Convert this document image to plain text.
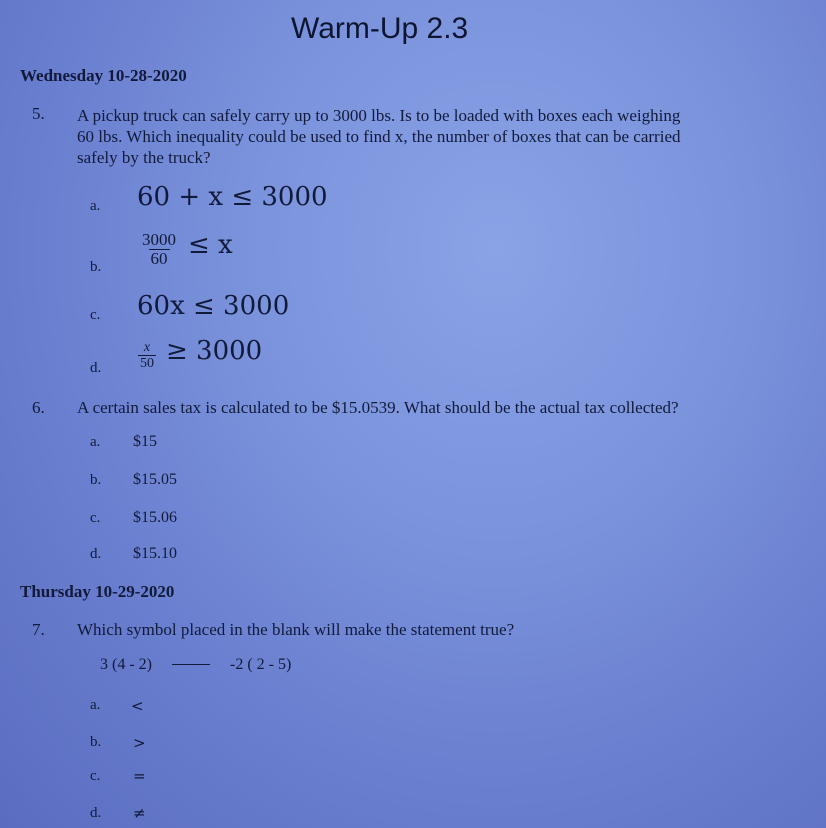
Warm-Up 2.3
Wednesday 10-28-2020
5. A pickup truck can safely carry up to 3000 lbs. Is to be loaded with boxes each weighing
60 lbs. Which inequality could be used to find x, the number of boxes that can be carried
safely by the truck?
a. 60 + x ≤ 3000
b. $\frac{3000}{60} \le x$
c. 60x ≤ 3000
d.	$\frac{x}{50} \ge 3000$
6. A certain sales tax is calculated to be $15.0539. What should be the actual tax collected?
a. $15
b. $15.05
c. $15.06
d. $15.10
Thursday 10-29-2020
7. Which symbol placed in the blank will make the statement true?
3 (4 - 2)	-2 ( 2 - 5)
a. <
b. >
c. =
d. ≠
